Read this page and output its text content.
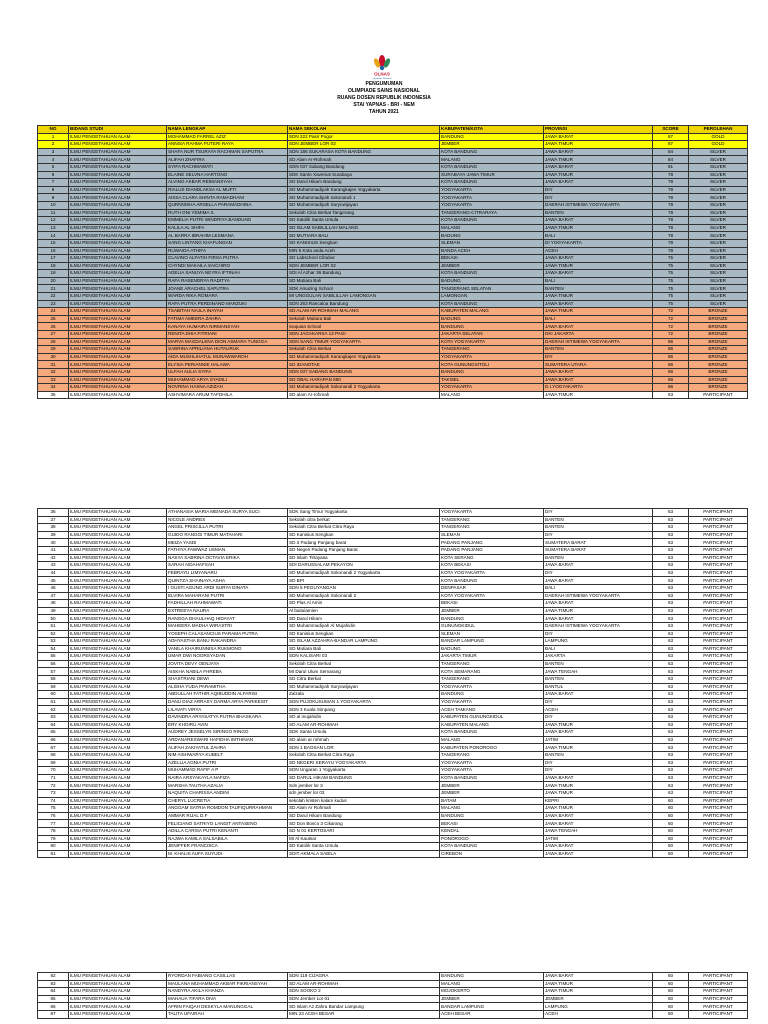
OLNAS
Olimpiade Nasional
PENGUMUMAN
OLIMPIADE SAINS NASIONAL
RUANG DOSEN REPUBLIK INDONESIA
STAI YAPNAS - BRI - NEM
TAHUN 2021
NO	BIDANG STUDI	NAMA LENGKAP	NAMA SEKOLAH	KABUPATEN/KOTA	PROVINSI	SCORE	PEROLEHAN
1	ILMU PENGETAHUAN ALAM	MOHAMMAD FARREL AZIZ	SDN 222 Pasir Pogor	BANDUNG	JAWA BARAT	87	GOLD
2	ILMU PENGETAHUAN ALAM	ANNISA RAHMA PUTERI RAYA	SDN JEMBER LOR 03	JEMBER	JAWA TIMUR	87	GOLD
3	ILMU PENGETAHUAN ALAM	SHAFA NUR TSURAYA RACHMAN SAPUTRA	SDN 186 SUKARASA KOTA BANDUNG	KOTA BANDUNG	JAWA BARAT	84	SILVER
4	ILMU PENGETAHUAN ALAM	ALIFAH ZHAFIRA	SD Alam Ar-Rohmah	MALANG	JAWA TIMUR	84	SILVER
5	ILMU PENGETAHUAN ALAM	SYIFA RACHMAWATI	SDN 037 Sabang Bandung	KOTA BANDUNG	JAWA BARAT	81	SILVER
6	ILMU PENGETAHUAN ALAM	ELAINE SELVNA HARTONO	SDK Santo Xaverius Surabaya	SURABAYA-JAWA TIMUR	JAWA TIMUR	78	SILVER
7	ILMU PENGETAHUAN ALAM	ALVINO AKBAR REIMANSYAH	SD Darul Hikam Bandung	KOTA BANDUNG	JAWA BARAT	78	SILVER
8	ILMU PENGETAHUAN ALAM	RIALUS DIANDLAKSA AL MUFTI	SD Muhammadiyah Karangkajen Yogyakarta	YOGYAKARTA	DIY	78	SILVER
9	ILMU PENGETAHUAN ALAM	AISSA CLARA SHINTA RAMADHANI	SD Muhammadiyah sokonandi 1	YOGYAKARTA	DIY	78	SILVER
10	ILMU PENGETAHUAN ALAM	QURNNISHA ARSELLA PARAMADHINA	SD Muhammadiyah Suryowijayan	YOGYAKARTA	DAERAH ISTIMEWA YOGYAKARTA	78	SILVER
11	ILMU PENGETAHUAN ALAM	RUTH ONI YEMIMA S.	Sekolah Citra Berkat Tangerang	TANGERANG-CITRARAYA	BANTEN	78	SILVER
12	ILMU PENGETAHUAN ALAM	EMMELIA PUTRI WINDRIYA BANDUNG	SD Katolik Santa Ursula	KOTA BANDUNG	JAWA BARAT	78	SILVER
13	ILMU PENGETAHUAN ALAM	KALILA AL SHIFA	SD ISLAM SABILILLAH MALANG	MALANG	JAWA TIMUR	78	SILVER
14	ILMU PENGETAHUAN ALAM	AL BARRA IBRAHIM LESMANA	SD MUTIARA BALI	BADUNG	BALI	78	SILVER
15	ILMU PENGETAHUAN ALAM	SANG LINTANG KHAFUNGAN	SD KANISIUS Sengkan	SLEMAN	DI YOGYAKARTA	78	SILVER
16	ILMU PENGETAHUAN ALAM	RUWAIDA ATHIFA	MIN 5 Kota anda Aceh	BANDA ACEH	ACEH	78	SILVER
17	ILMU PENGETAHUAN ALAM	CLAVINO ALFATIH FIRSA PUTRA	SD Labschool Cibubur	BEKASI	JAWA BARAT	75	SILVER
18	ILMU PENGETAHUAN ALAM	CHYNDI MAKAILA SAICHIRO	SDN JEMBER LOR 03	JEMBER	JAWA TIMUR	75	SILVER
19	ILMU PENGETAHUAN ALAM	ADELIA SANUYA NEYRA IFTINAH	SDI Al Azhar 36 Bandung	KOTA BANDUNG	JAWA BARAT	75	SILVER
20	ILMU PENGETAHUAN ALAM	RAFA RASENDRYA RADITYA	SD Mutiara Bali	BADUNG	BALI	75	SILVER
21	ILMU PENGETAHUAN ALAM	JOANE ARACHEL SAPUTRA	SDK Amazing School	TANGERANG SELATAN	BANTEN	75	SILVER
22	ILMU PENGETAHUAN ALAM	WARDA RIKA ROMARA	MI UNGGULAN SABILILLAH LAMONGAN	LAMONGAN	JAWA TIMUR	75	SILVER
23	ILMU PENGETAHUAN ALAM	RAFA PUTRA PERDINAND MARZUKI	SDN 263 Rancaloa Bandung	KOTA BANDUNG	JAWA BARAT	75	SILVER
24	ILMU PENGETAHUAN ALAM	TSABITAH NAJLA INAYAH	SD ALAM AR-ROHMAH MALANG	KABUPATEN MALANG	JAWA TIMUR	72	BRONZE
25	ILMU PENGETAHUAN ALAM	FATIMA AMEERA ZAHRA	Sekolah Mutiara Bali	BADUNG	BALI	72	BRONZE
26	ILMU PENGETAHUAN ALAM	KANAYA HUMAIRA NIRMANSYAH	Sequoia School	BANDUNG	JAWA BARAT	72	BRONZE
27	ILMU PENGETAHUAN ALAM	RENITA DHIA FITRIANI	SDN JAGAKARSA 13 PAGI	JAKARTA SELATAN	DKI JAKARTA	72	BRONZE
28	ILMU PENGETAHUAN ALAM	MARVA MAGDALENA DION ASMARA TUNGGA	SDN SANG TIMUR YOGYAKARTA	KOTA YOGYAKARTA	DAERAH ISTIMEWA YOGYAKARTA	66	BRONZE
29	ILMU PENGETAHUAN ALAM	SABRINA APRILIANA HUTAURUK	Sekolah Citra Berkat	TANGERANG	BANTEN	66	BRONZE
30	ILMU PENGETAHUAN ALAM	AIDA MUSHLIHATUL MUNAWWAROH	SD Muhammadiyah Karangkajen Yogyakarta	YOGYAKARTA	DIY	66	BRONZE
31	ILMU PENGETAHUAN ALAM	ELYSIA PERIANNIE HALAWA	SD IDANOTAE	KOTA GUNUNGSITOLI	SUMATERA UTARA	66	BRONZE
32	ILMU PENGETAHUAN ALAM	ULFAH AULIA SYIFA	SDN 037 SABANG BANDUNG	BANDUNG	JAWA BARAT	66	BRONZE
33	ILMU PENGETAHUAN ALAM	MUHAMMAD ARYA SYADILI	SD OBAL HARAPAN 850	TAKISEL	JAWA BARAT	66	BRONZE
34	ILMU PENGETAHUAN ALAM	NOVRINA HASNA AZIZAH	SD Muhammadiyah Sokonandi 2 Yogyakarta	YOGYAKARTA	D.I.YOGYAKARTA	66	BRONZE
35	ILMU PENGETAHUAN ALAM	ASHVIMARA ARUM TAFDHILA	SD alam Ar-rohmah	MALANG	JAWA TIMUR	63	PARTICIPANT
36	ILMU PENGETAHUAN ALAM	ATHANASIA MARIA MEINADA SURYA SUCI	SDK Sang Timur Yogyakarta	YOGYAKARTA	DIY	63	PARTICIPANT
37	ILMU PENGETAHUAN ALAM	NICOLE ANDRES	Sekolah citra berkat	TANGERANG	BANTEN	63	PARTICIPANT
38	ILMU PENGETAHUAN ALAM	ANGEL PRISCILLA PUTRI	Sekolah Citra Berkat Citra Raya	TANGERANG	BANTEN	63	PARTICIPANT
39	ILMU PENGETAHUAN ALAM	GUIDO RANGGI TIMUR MATAHARI	SD Kanisius Sengkan	SLEMAN	DIY	63	PARTICIPANT
40	ILMU PENGETAHUAN ALAM	MEIZA YASDI	SD 3 Padang Panjang barat	PADANG PANJANG	SUMATERA BARAT	63	PARTICIPANT
41	ILMU PENGETAHUAN ALAM	FATHIYA FAWWAZ USMAN	SD Negeri Padang Panjang Barat	PADANG PANJANG	SUMATERA BARAT	63	PARTICIPANT
42	ILMU PENGETAHUAN ALAM	NASYA SABRINA OCTAVIA ERIKA	SD Islam Tirtayasa	KOTA SERANG	BANTEN	63	PARTICIPANT
43	ILMU PENGETAHUAN ALAM	SARAH AIDAHAFSAH	SDI DARUSSALAM PEKAYON	KOTA BEKASI	JAWA BARAT	63	PARTICIPANT
44	ILMU PENGETAHUAN ALAM	FEBRAYU LIMYANARU	SD Muhammadiyah Sokonandi 2 Yogyakarta	KOTA YOGYAKARTA	DIY	63	PARTICIPANT
45	ILMU PENGETAHUAN ALAM	QUINTZA SHAINAYA ASHA	SD BPI	KOTA BANDUNG	JAWA BARAT	63	PARTICIPANT
46	ILMU PENGETAHUAN ALAM	I GUSTI AGUNG ARDI SURYA DINATA	SDN 5 PEGUYANGAN	DENPASAR	BALI	63	PARTICIPANT
47	ILMU PENGETAHUAN ALAM	ELVIRA MAHARANI PUTRI	SD Muhammadiyah Sokonandi 2	KOTA YOGYAKARTA	DAERAH ISTIMEWA YOGYAKARTA	63	PARTICIPANT
48	ILMU PENGETAHUAN ALAM	FADHILLAH RAHMAWATI	SD Plus Al Amin	BEKASI	JAWA BARAT	63	PARTICIPANT
49	ILMU PENGETAHUAN ALAM	EXTREEYA NAURA	Al baitulamien	JEMBER	JAWA TIMUR	63	PARTICIPANT
50	ILMU PENGETAHUAN ALAM	RANGGA DHAULHAQ HIDAYAT	SD Darul Hikam	BANDUNG	JAWA BARAT	63	PARTICIPANT
51	ILMU PENGETAHUAN ALAM	MAHEERA MADHA WIRASTRI	SD Muhammadiyah Al Mujahidin	GUNUNGKIDUL	DAERAH ISTIMEWA YOGYAKARTA	63	PARTICIPANT
52	ILMU PENGETAHUAN ALAM	YOSEPH CALASANCIUS PARAMA PUTRA	SD Kanisius Sengkan	SLEMAN	DIY	63	PARTICIPANT
53	ILMU PENGETAHUAN ALAM	ADHYASTHA BANU RAKANDRA	SD ISLAM AZZAHRA-BANDAR LAMPUNG	BANDAR LAMPUNG	LAMPUNG	63	PARTICIPANT
54	ILMU PENGETAHUAN ALAM	VANILA KHAIRUNNISA RUKMONO	SD Mutiara Bali	BADUNG	BALI	63	PARTICIPANT
55	ILMU PENGETAHUAN ALAM	UMAR DWI NOORSYADAN	SDN KALISARI 03	JAKARTA TIMUR	JAKARTA	63	PARTICIPANT
56	ILMU PENGETAHUAN ALAM	JOVITA DEVY OENJAYA	Sekolah Citra Berkat	TANGERANG	BANTEN	63	PARTICIPANT
57	ILMU PENGETAHUAN ALAM	AISKHA NABILA FHREBA	MI Darul Ulum Semarang	KOTA SEMARANG	JAWA TENGAH	63	PARTICIPANT
58	ILMU PENGETAHUAN ALAM	SHASTRIANI DEWI	SD Citra Berkat	TANGERANG	BANTEN	63	PARTICIPANT
59	ILMU PENGETAHUAN ALAM	ALISHA YUDA PARAMITHA	SD Muhammadiyah Suryowijayan	YOGYAKARTA	BANTUL	63	PARTICIPANT
60	ILMU PENGETAHUAN ALAM	ABDULLAH FATHIR AQIBUDDIN ALFARISI	Zalzala	BANDUNG	JAWA BARAT	63	PARTICIPANT
61	ILMU PENGETAHUAN ALAM	DANU DIAZ ARRASY DARMA ARYA PARIKESIT	SDN PUJOKUSUMAN 1 YOGYAKARTA	YOGYAKARTA	DIY	63	PARTICIPANT
62	ILMU PENGETAHUAN ALAM	LILAVATI VIRYA	SDN 3 Kuala Simpang	ACEH TAMIANG	ACEH	63	PARTICIPANT
63	ILMU PENGETAHUAN ALAM	DAVINDRA ARYASATYA PUTRA BHASKARA	SD al mujahidin	KABUPATEN GUNUNGKIDUL	DIY	63	PARTICIPANT
64	ILMU PENGETAHUAN ALAM	ERY KHOIRU AVIN	SD ALAM AR-ROHMAH	KABUPATEN MALANG	JAWA TIMUR	63	PARTICIPANT
65	ILMU PENGETAHUAN ALAM	AUDREY JESSELYN SIRINGO RINGO	SDK Santa Ursula	KOTA BANDUNG	JAWA BARAT	63	PARTICIPANT
66	ILMU PENGETAHUAN ALAM	ARDANARESWARI HAFIDHA IMTHINAN	SD alam ar rohmah	MALANG	JATIM	63	PARTICIPANT
67	ILMU PENGETAHUAN ALAM	ALIFAH ZAKIYATUL ZAHRA	SDN 1 BAOSAN LOR	KABUPATEN PONOROGO	JAWA TIMUR	63	PARTICIPANT
68	ILMU PENGETAHUAN ALAM	NIM AISHWARYA KUBELT	Sekolah Citra Berkat Citra Raya	TANGERANG	BANTEN	63	PARTICIPANT
69	ILMU PENGETAHUAN ALAM	AZELLIA AGNIA PUTRI	SD NEGERI SERAYU YOGYAKARTA	YOGYAKARTA	DIY	63	PARTICIPANT
70	ILMU PENGETAHUAN ALAM	MUHAMMAD RAFIF A P	SDN Ungaran 1 Yogyakarta	YOGYAKARTA	DIY	63	PARTICIPANT
71	ILMU PENGETAHUAN ALAM	NAIRA ARSYAKAYLA NAFIZA	SD DARUL HIKAM BANDUNG	KOTA BANDUNG	JAWA BARAT	63	PARTICIPANT
72	ILMU PENGETAHUAN ALAM	MARSHA TAUTHA AZALIA	Sdn jember lor 3	JEMBER	JAWA TIMUR	63	PARTICIPANT
73	ILMU PENGETAHUAN ALAM	NAQUITA CHARISSA ANDINI	sdn jember lor 03	JEMBER	JAWA TIMUR	63	PARTICIPANT
74	ILMU PENGETAHUAN ALAM	CHERYL LUCRETIA	sekolah kristen kalam kudus	BATAM	KEPRI	60	PARTICIPANT
75	ILMU PENGETAHUAN ALAM	ANGGAM SATRIA ROMDON TAUFIQURRAHMAN	SD Alam Ar Rohmah	MALANG	JAWA TIMUR	60	PARTICIPANT
76	ILMU PENGETAHUAN ALAM	AMMAR RIJAL D.F	SD Darul Hikam Bandung	BANDUNG	JAWA BARAT	60	PARTICIPANT
77	ILMU PENGETAHUAN ALAM	FELICIANO SATRIYO LANGIT ANTASENO	SD Don Bosco 3 Cikarang	BEKASI	JAWA BARAT	60	PARTICIPANT
78	ILMU PENGETAHUAN ALAM	ADILLA CARISA PUTRI KENANTI	SD N 01 KERTOSARI	KENDAL	JAWA TENGAH	60	PARTICIPANT
79	ILMU PENGETAHUAN ALAM	NAJWA KAMILA SALSABILA	MI Al Kautsar	PONOROGO	JATIM	60	PARTICIPANT
80	ILMU PENGETAHUAN ALAM	JENIFFER FRANCISCA	SD Katolik Santa Ursula	KOTA BANDUNG	JAWA BARAT	60	PARTICIPANT
81	ILMU PENGETAHUAN ALAM	M. KHALIS AUFA SUYUDI	SDIT AKMALA SABILA	CIREBON	JAWA BARAT	60	PARTICIPANT
82	ILMU PENGETAHUAN ALAM	RYORDAN FABIANO CASILLAS	SDN 119 CIJAGRA	BANDUNG	JAWA BARAT	60	PARTICIPANT
83	ILMU PENGETAHUAN ALAM	MAULANA MUHAMMAD AKBAR FIKRIANSYAH	SD ALAM AR-ROHMAH	MALANG	JAWA TIMUR	60	PARTICIPANT
84	ILMU PENGETAHUAN ALAM	NANDYRA AKILA KHANZA	SDN SOOKO 2	MOJOKERTO	JAWA TIMUR	60	PARTICIPANT
85	ILMU PENGETAHUAN ALAM	MAHAUA TIFARA DIVA	SDN Jember Lor 01	JEMBER	JEMBER	60	PARTICIPANT
86	ILMU PENGETAHUAN ALAM	AFRIN FAIQAH DESKYLA MANUNGGAL	SD Islam Az Zahra Bandar Lampung	BANDAR LAMPUNG	LAMPUNG	60	PARTICIPANT
87	ILMU PENGETAHUAN ALAM	TALITA UFAIRAH	MIN 23 ACEH BESAR	ACEH BESAR	ACEH	60	PARTICIPANT
